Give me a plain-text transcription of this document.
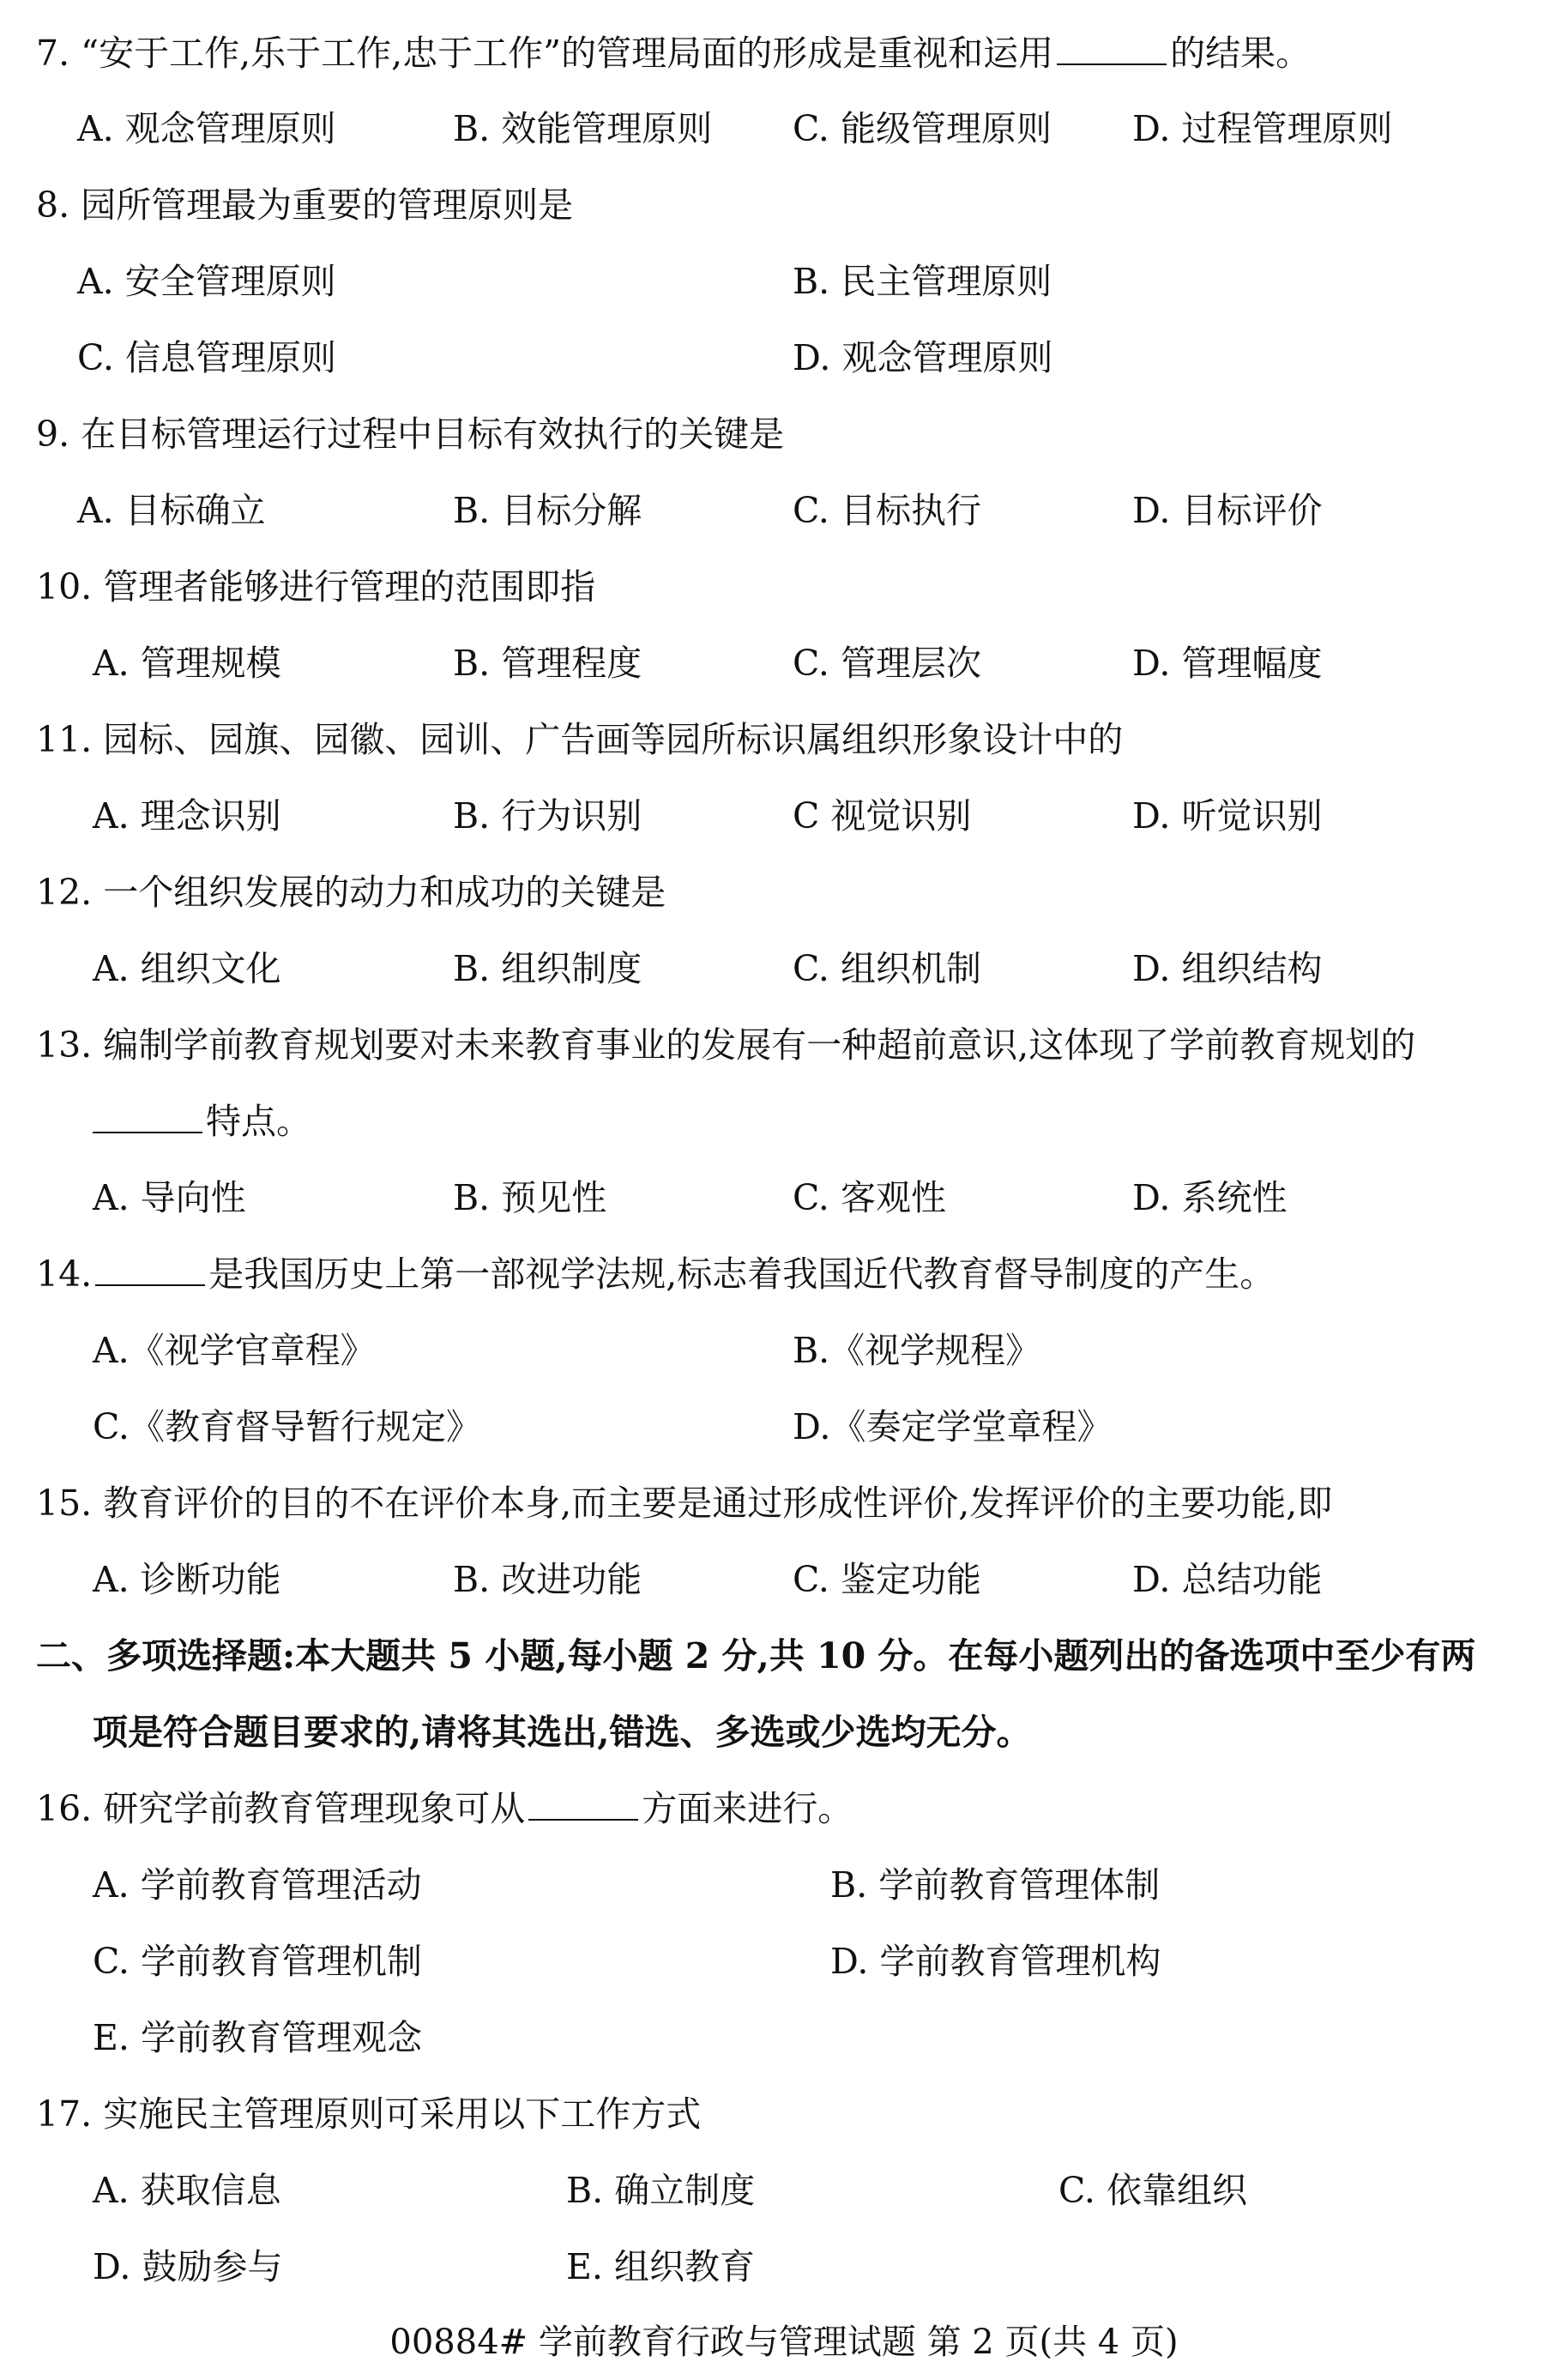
7. “安于工作,乐于工作,忠于工作”的管理局面的形成是重视和运用	的结果。
A. 观念管理原则	B. 效能管理原则 C. 能级管理原则 D. 过程管理原则
8. 园所管理最为重要的管理原则是
A. 安全管理原则	B. 民主管理原则
C. 信息管理原则	D. 观念管理原则
9. 在目标管理运行过程中目标有效执行的关键是
A. 目标确立	B. 目标分解	C. 目标执行	D. 目标评价
10. 管理者能够进行管理的范围即指
A. 管理规模	B. 管理程度	C. 管理层次	D. 管理幅度
11. 园标、园旗、园徽、园训、广告画等园所标识属组织形象设计中的
A. 理念识别	B. 行为识别	C 视觉识别	D. 听觉识别
12. 一个组织发展的动力和成功的关键是
A. 组织文化	B. 组织制度	C. 组织机制	D. 组织结构
13. 编制学前教育规划要对未来教育事业的发展有一种超前意识,这体现了学前教育规划的
特点。
A. 导向性	B. 预见性	C. 客观性	D. 系统性
14.	是我国历史上第一部视学法规,标志着我国近代教育督导制度的产生。
A.《视学官章程》	B.《视学规程》
C.《教育督导暂行规定》	D.《奏定学堂章程》
15. 教育评价的目的不在评价本身,而主要是通过形成性评价,发挥评价的主要功能,即
A. 诊断功能	B. 改进功能	C. 鉴定功能	D. 总结功能
二、多项选择题:本大题共 5 小题,每小题 2 分,共 10 分。在每小题列出的备选项中至少有两
项是符合题目要求的,请将其选出,错选、多选或少选均无分。
16. 研究学前教育管理现象可从	方面来进行。
A. 学前教育管理活动	B. 学前教育管理体制
C. 学前教育管理机制	D. 学前教育管理机构
E. 学前教育管理观念
17. 实施民主管理原则可采用以下工作方式
A. 获取信息	B. 确立制度	C. 依靠组织
D. 鼓励参与	E. 组织教育
00884# 学前教育行政与管理试题 第 2 页(共 4 页)
